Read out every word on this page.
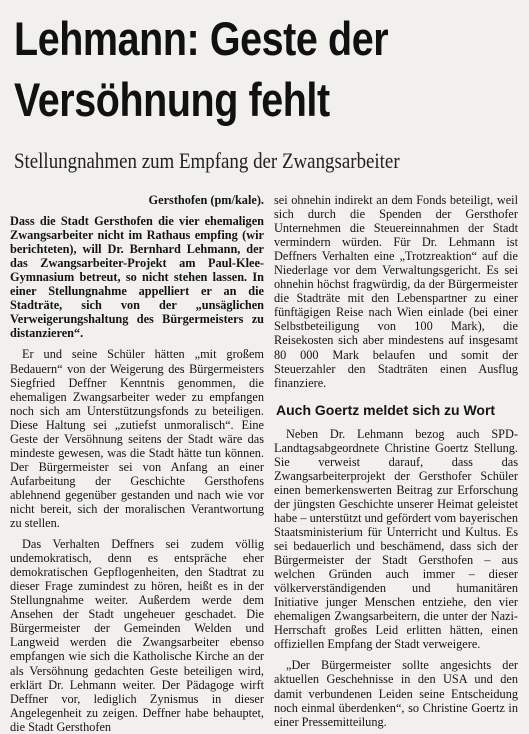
Lehmann: Geste der
Versöhnung fehlt
Stellungnahmen zum Empfang der Zwangsarbeiter

Gersthofen (pm/kale).

Dass die Stadt Gersthofen die vier ehemaligen Zwangsarbeiter nicht im Rathaus empfing (wir berichteten), will Dr. Bernhard Lehmann, der das Zwangsarbeiter-Projekt am Paul-Klee-Gymnasium betreut, so nicht stehen lassen. In einer Stellungnahme appelliert er an die Stadträte, sich von der „unsäglichen Verweigerungshaltung des Bürgermeisters zu distanzieren“.

Er und seine Schüler hätten „mit großem Bedauern“ von der Weigerung des Bürgermeisters Siegfried Deffner Kenntnis genommen, die ehemaligen Zwangsarbeiter weder zu empfangen noch sich am Unterstützungsfonds zu beteiligen. Diese Haltung sei „zutiefst unmoralisch“. Eine Geste der Versöhnung seitens der Stadt wäre das mindeste gewesen, was die Stadt hätte tun können. Der Bürgermeister sei von Anfang an einer Aufarbeitung der Geschichte Gersthofens ablehnend gegenüber gestanden und nach wie vor nicht bereit, sich der moralischen Verantwortung zu stellen.

Das Verhalten Deffners sei zudem völlig undemokratisch, denn es entspräche eher demokratischen Gepflogenheiten, den Stadtrat zu dieser Frage zumindest zu hören, heißt es in der Stellungnahme weiter. Außerdem werde dem Ansehen der Stadt ungeheuer geschadet. Die Bürgermeister der Gemeinden Welden und Langweid werden die Zwangsarbeiter ebenso empfangen wie sich die Katholische Kirche an der als Versöhnung gedachten Geste beteiligen wird, erklärt Dr. Lehmann weiter. Der Pädagoge wirft Deffner vor, lediglich Zynismus in dieser Angelegenheit zu zeigen. Deffner habe behauptet, die Stadt Gersthofen

sei ohnehin indirekt an dem Fonds beteiligt, weil sich durch die Spenden der Gersthofer Unternehmen die Steuereinnahmen der Stadt vermindern würden. Für Dr. Lehmann ist Deffners Verhalten eine „Trotzreaktion“ auf die Niederlage vor dem Verwaltungsgericht. Es sei ohnehin höchst fragwürdig, da der Bürgermeister die Stadträte mit den Lebenspartner zu einer fünftägigen Reise nach Wien einlade (bei einer Selbstbeteiligung von 100 Mark), die Reisekosten sich aber mindestens auf insgesamt 80 000 Mark belaufen und somit der Steuerzahler den Stadträten einen Ausflug finanziere.

Auch Goertz meldet sich zu Wort

Neben Dr. Lehmann bezog auch SPD-Landtagsabgeordnete Christine Goertz Stellung. Sie verweist darauf, dass das Zwangsarbeiterprojekt der Gersthofer Schüler einen bemerkenswerten Beitrag zur Erforschung der jüngsten Geschichte unserer Heimat geleistet habe – unterstützt und gefördert vom bayerischen Staatsministerium für Unterricht und Kultus. Es sei bedauerlich und beschämend, dass sich der Bürgermeister der Stadt Gersthofen – aus welchen Gründen auch immer – dieser völkerverständigenden und humanitären Initiative junger Menschen entziehe, den vier ehemaligen Zwangsarbeitern, die unter der Nazi-Herrschaft großes Leid erlitten hätten, einen offiziellen Empfang der Stadt verweigere.

„Der Bürgermeister sollte angesichts der aktuellen Geschehnisse in den USA und den damit verbundenen Leiden seine Entscheidung noch einmal überdenken“, so Christine Goertz in einer Pressemitteilung.
